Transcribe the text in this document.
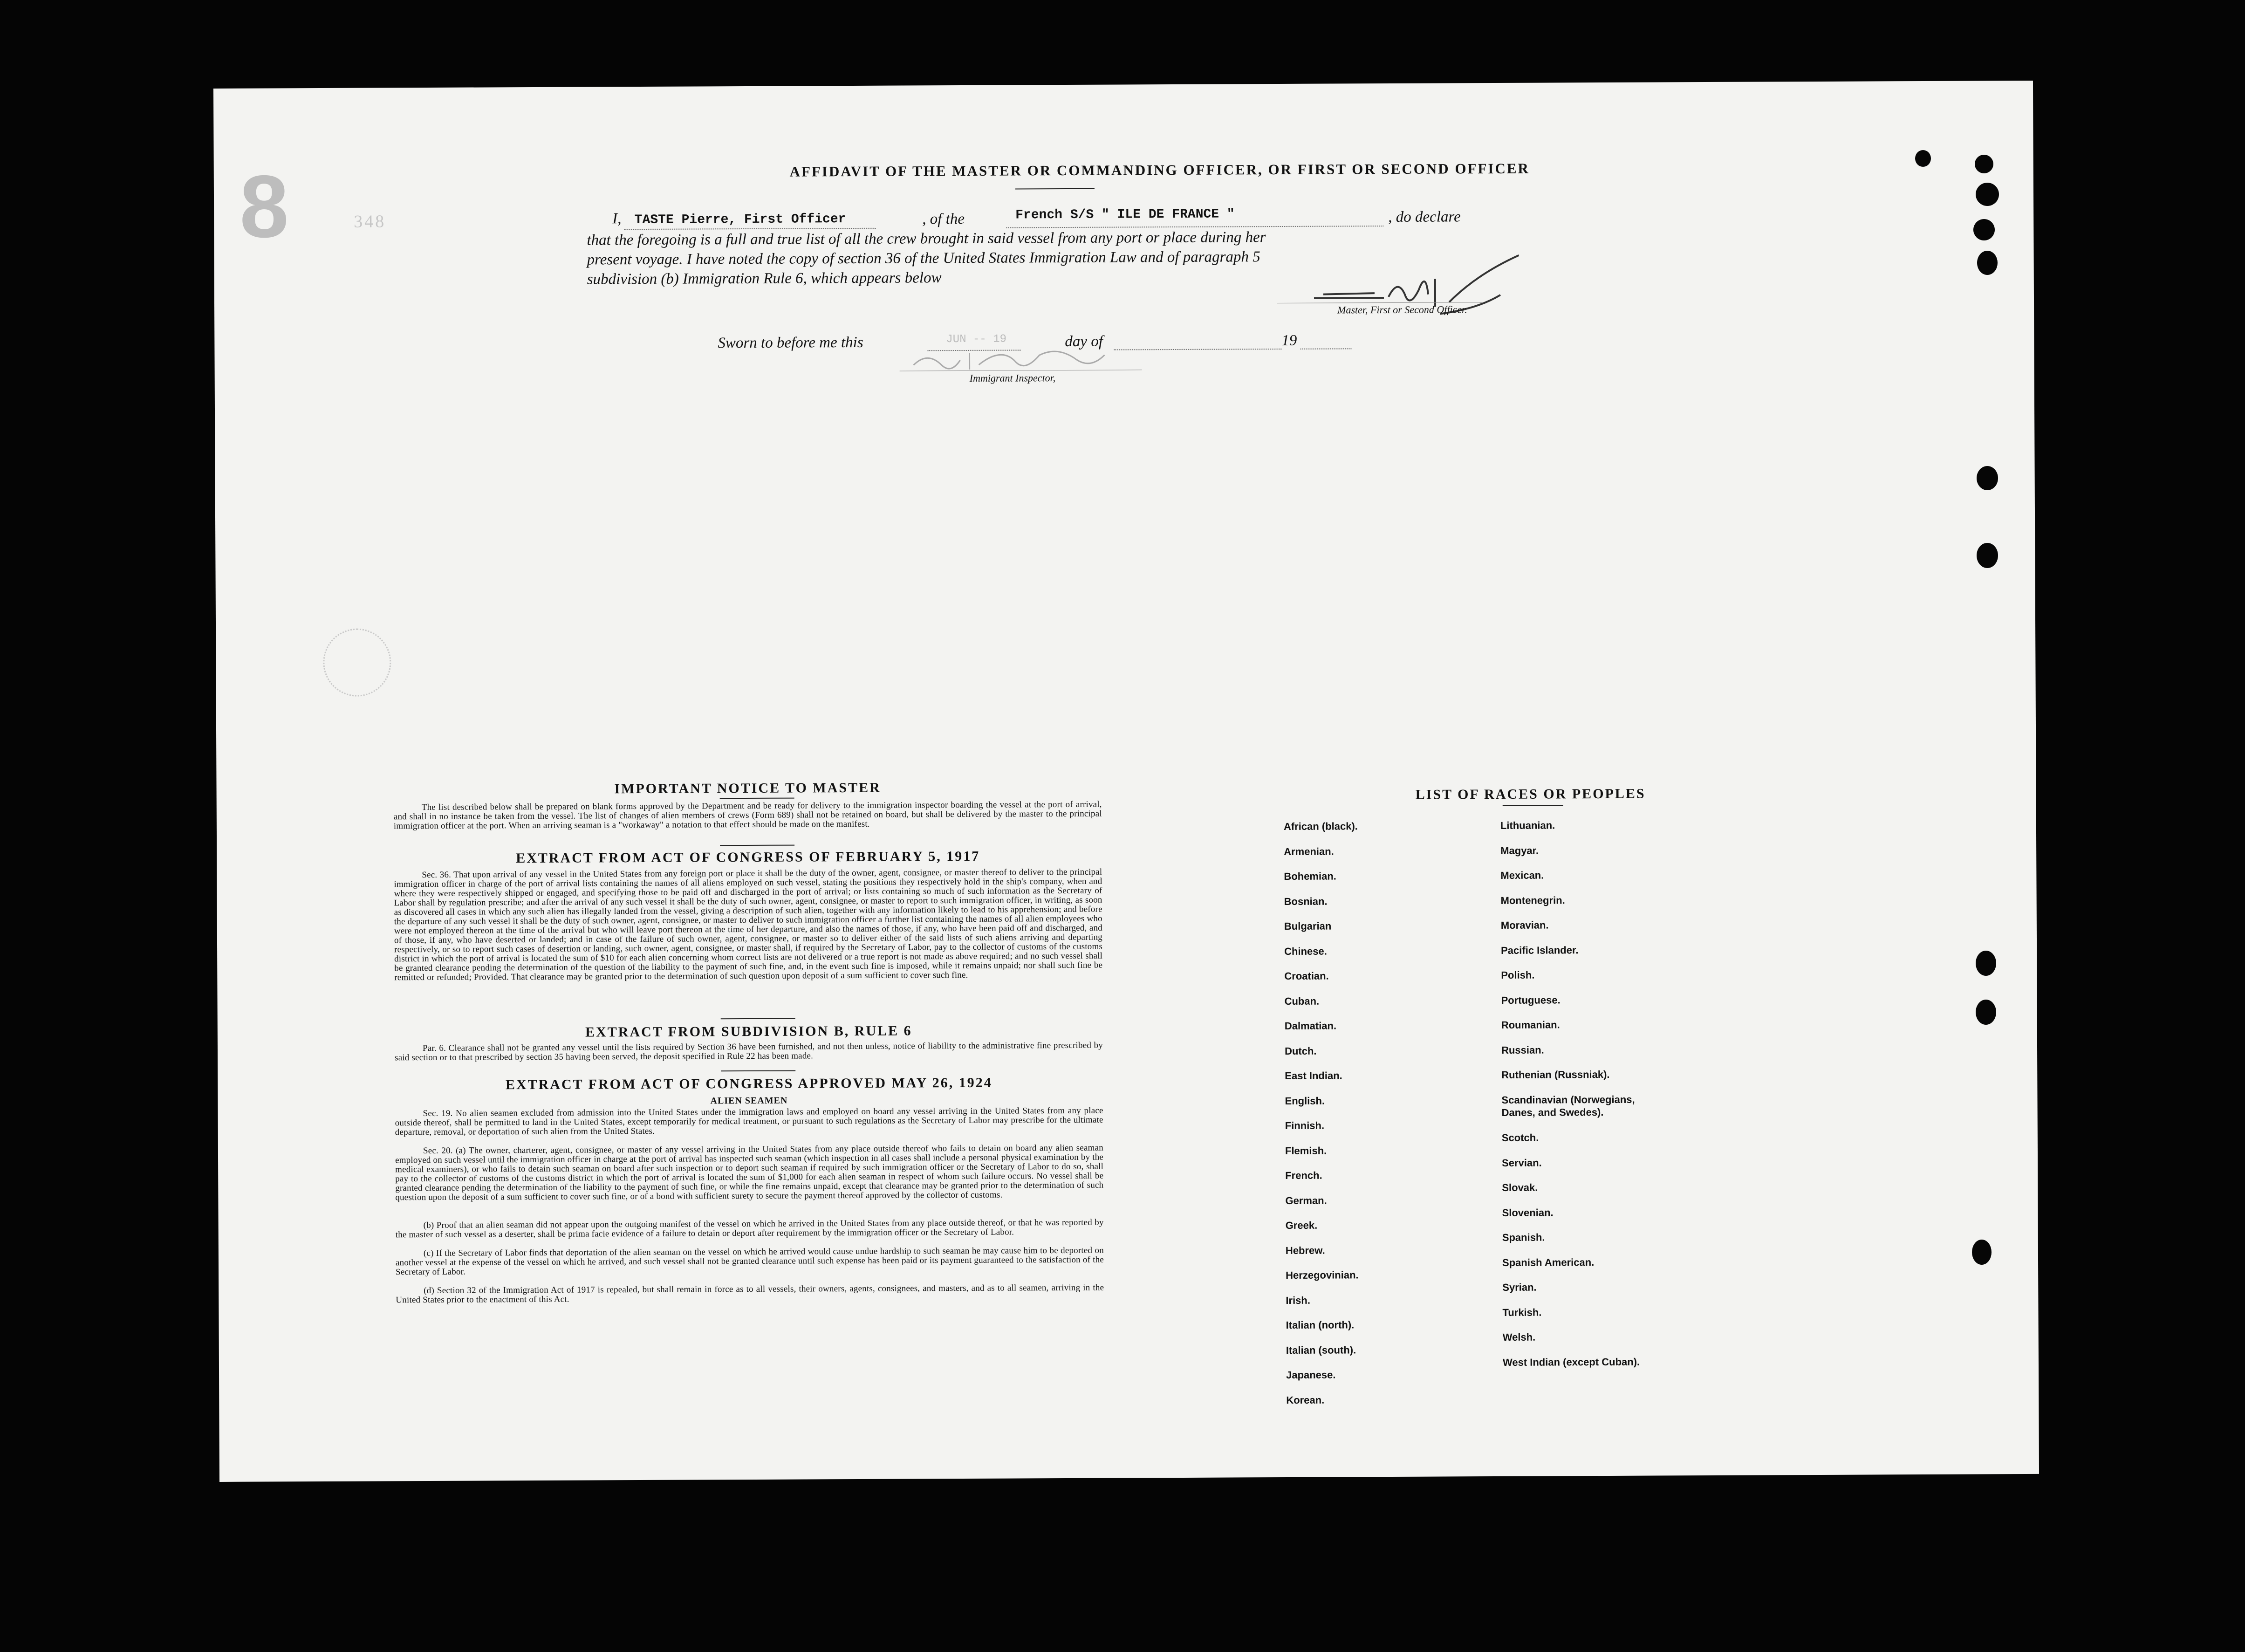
8	348
AFFIDAVIT OF THE MASTER OR COMMANDING OFFICER, OR FIRST OR SECOND OFFICER
I, TASTE Pierre, First Officer	, of the	French S/S " ILE DE FRANCE "	, do declare
that the foregoing is a full and true list of all the crew brought in said vessel from any port or place during her
present voyage. I have noted the copy of section 36 of the United States Immigration Law and of paragraph 5
subdivision (b) Immigration Rule 6, which appears below
Master, First or Second Officer.
Sworn to before me this	JUN -- 19	day of	19
Immigrant Inspector,
IMPORTANT NOTICE TO MASTER
The list described below shall be prepared on blank forms approved by the Department and be ready for delivery to the immigration inspector boarding the vessel at the port of arrival, and shall in no instance be taken from the vessel. The list of changes of alien members of crews (Form 689) shall not be retained on board, but shall be delivered by the master to the principal immigration officer at the port. When an arriving seaman is a "workaway" a notation to that effect should be made on the manifest.
EXTRACT FROM ACT OF CONGRESS OF FEBRUARY 5, 1917
Sec. 36. That upon arrival of any vessel in the United States from any foreign port or place it shall be the duty of the owner, agent, consignee, or master thereof to deliver to the principal immigration officer in charge of the port of arrival lists containing the names of all aliens employed on such vessel, stating the positions they respectively hold in the ship's company, when and where they were respectively shipped or engaged, and specifying those to be paid off and discharged in the port of arrival; or lists containing so much of such information as the Secretary of Labor shall by regulation prescribe; and after the arrival of any such vessel it shall be the duty of such owner, agent, consignee, or master to report to such immigration officer, in writing, as soon as discovered all cases in which any such alien has illegally landed from the vessel, giving a description of such alien, together with any information likely to lead to his apprehension; and before the departure of any such vessel it shall be the duty of such owner, agent, consignee, or master to deliver to such immigration officer a further list containing the names of all alien employees who were not employed thereon at the time of the arrival but who will leave port thereon at the time of her departure, and also the names of those, if any, who have been paid off and discharged, and of those, if any, who have deserted or landed; and in case of the failure of such owner, agent, consignee, or master so to deliver either of the said lists of such aliens arriving and departing respectively, or so to report such cases of desertion or landing, such owner, agent, consignee, or master shall, if required by the Secretary of Labor, pay to the collector of customs of the customs district in which the port of arrival is located the sum of $10 for each alien concerning whom correct lists are not delivered or a true report is not made as above required; and no such vessel shall be granted clearance pending the determination of the question of the liability to the payment of such fine, and, in the event such fine is imposed, while it remains unpaid; nor shall such fine be remitted or refunded; Provided. That clearance may be granted prior to the determination of such question upon deposit of a sum sufficient to cover such fine.
EXTRACT FROM SUBDIVISION B, RULE 6
Par. 6. Clearance shall not be granted any vessel until the lists required by Section 36 have been furnished, and not then unless, notice of liability to the administrative fine prescribed by said section or to that prescribed by section 35 having been served, the deposit specified in Rule 22 has been made.
EXTRACT FROM ACT OF CONGRESS APPROVED MAY 26, 1924
ALIEN SEAMEN
Sec. 19. No alien seamen excluded from admission into the United States under the immigration laws and employed on board any vessel arriving in the United States from any place outside thereof, shall be permitted to land in the United States, except temporarily for medical treatment, or pursuant to such regulations as the Secretary of Labor may prescribe for the ultimate departure, removal, or deportation of such alien from the United States.
Sec. 20. (a) The owner, charterer, agent, consignee, or master of any vessel arriving in the United States from any place outside thereof who fails to detain on board any alien seaman employed on such vessel until the immigration officer in charge at the port of arrival has inspected such seaman (which inspection in all cases shall include a personal physical examination by the medical examiners), or who fails to detain such seaman on board after such inspection or to deport such seaman if required by such immigration officer or the Secretary of Labor to do so, shall pay to the collector of customs of the customs district in which the port of arrival is located the sum of $1,000 for each alien seaman in respect of whom such failure occurs. No vessel shall be granted clearance pending the determination of the liability to the payment of such fine, or while the fine remains unpaid, except that clearance may be granted prior to the determination of such question upon the deposit of a sum sufficient to cover such fine, or of a bond with sufficient surety to secure the payment thereof approved by the collector of customs.
(b) Proof that an alien seaman did not appear upon the outgoing manifest of the vessel on which he arrived in the United States from any place outside thereof, or that he was reported by the master of such vessel as a deserter, shall be prima facie evidence of a failure to detain or deport after requirement by the immigration officer or the Secretary of Labor.
(c) If the Secretary of Labor finds that deportation of the alien seaman on the vessel on which he arrived would cause undue hardship to such seaman he may cause him to be deported on another vessel at the expense of the vessel on which he arrived, and such vessel shall not be granted clearance until such expense has been paid or its payment guaranteed to the satisfaction of the Secretary of Labor.
(d) Section 32 of the Immigration Act of 1917 is repealed, but shall remain in force as to all vessels, their owners, agents, consignees, and masters, and as to all seamen, arriving in the United States prior to the enactment of this Act.
LIST OF RACES OR PEOPLES
African (black).
Armenian.
Bohemian.
Bosnian.
Bulgarian
Chinese.
Croatian.
Cuban.
Dalmatian.
Dutch.
East Indian.
English.
Finnish.
Flemish.
French.
German.
Greek.
Hebrew.
Herzegovinian.
Irish.
Italian (north).
Italian (south).
Japanese.
Korean.
Lithuanian.
Magyar.
Mexican.
Montenegrin.
Moravian.
Pacific Islander.
Polish.
Portuguese.
Roumanian.
Russian.
Ruthenian (Russniak).
Scandinavian (Norwegians, Danes, and Swedes).
Scotch.
Servian.
Slovak.
Slovenian.
Spanish.
Spanish American.
Syrian.
Turkish.
Welsh.
West Indian (except Cuban).
